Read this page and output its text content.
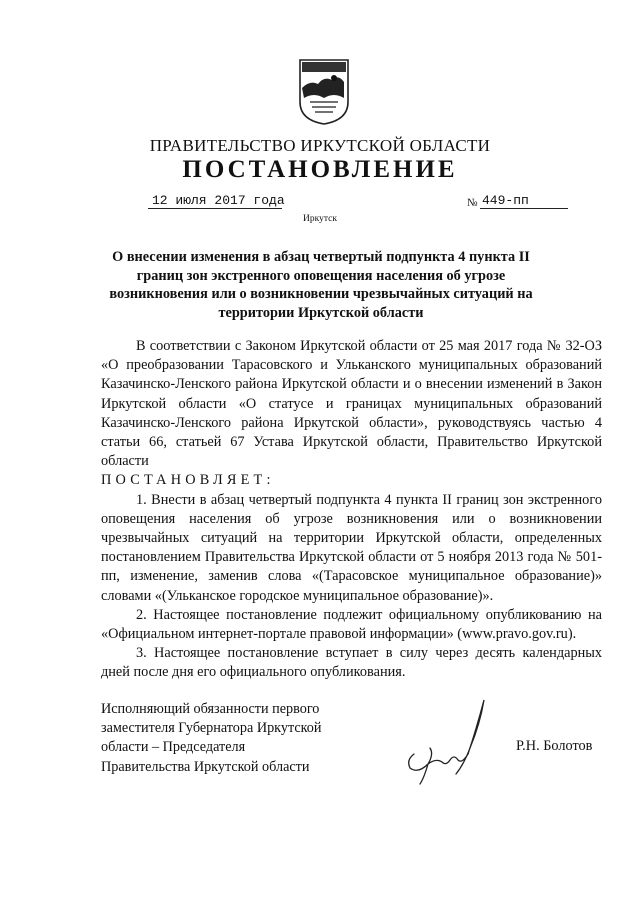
ПРАВИТЕЛЬСТВО ИРКУТСКОЙ ОБЛАСТИ
ПОСТАНОВЛЕНИЕ
12 июля 2017 года	№ 449-пп
Иркутск
О внесении изменения в абзац четвертый подпункта 4 пункта II границ зон экстренного оповещения населения об угрозе возникновения или о возникновении чрезвычайных ситуаций на территории Иркутской области

В соответствии с Законом Иркутской области от 25 мая 2017 года № 32-ОЗ «О преобразовании Тарасовского и Ульканского муниципальных образований Казачинско-Ленского района Иркутской области и о внесении изменений в Закон Иркутской области «О статусе и границах муниципальных образований Казачинско-Ленского района Иркутской области», руководствуясь частью 4 статьи 66, статьей 67 Устава Иркутской области, Правительство Иркутской области

ПОСТАНОВЛЯЕТ:

1. Внести в абзац четвертый подпункта 4 пункта II границ зон экстренного оповещения населения об угрозе возникновения или о возникновении чрезвычайных ситуаций на территории Иркутской области, определенных постановлением Правительства Иркутской области от 5 ноября 2013 года № 501-пп, изменение, заменив слова «(Тарасовское муниципальное образование)» словами «(Ульканское городское муниципальное образование)».

2. Настоящее постановление подлежит официальному опубликованию на «Официальном интернет-портале правовой информации» (www.pravo.gov.ru).

3. Настоящее постановление вступает в силу через десять календарных дней после дня его официального опубликования.

Исполняющий обязанности первого
заместителя Губернатора Иркутской
области – Председателя
Правительства Иркутской области
Р.Н. Болотов
